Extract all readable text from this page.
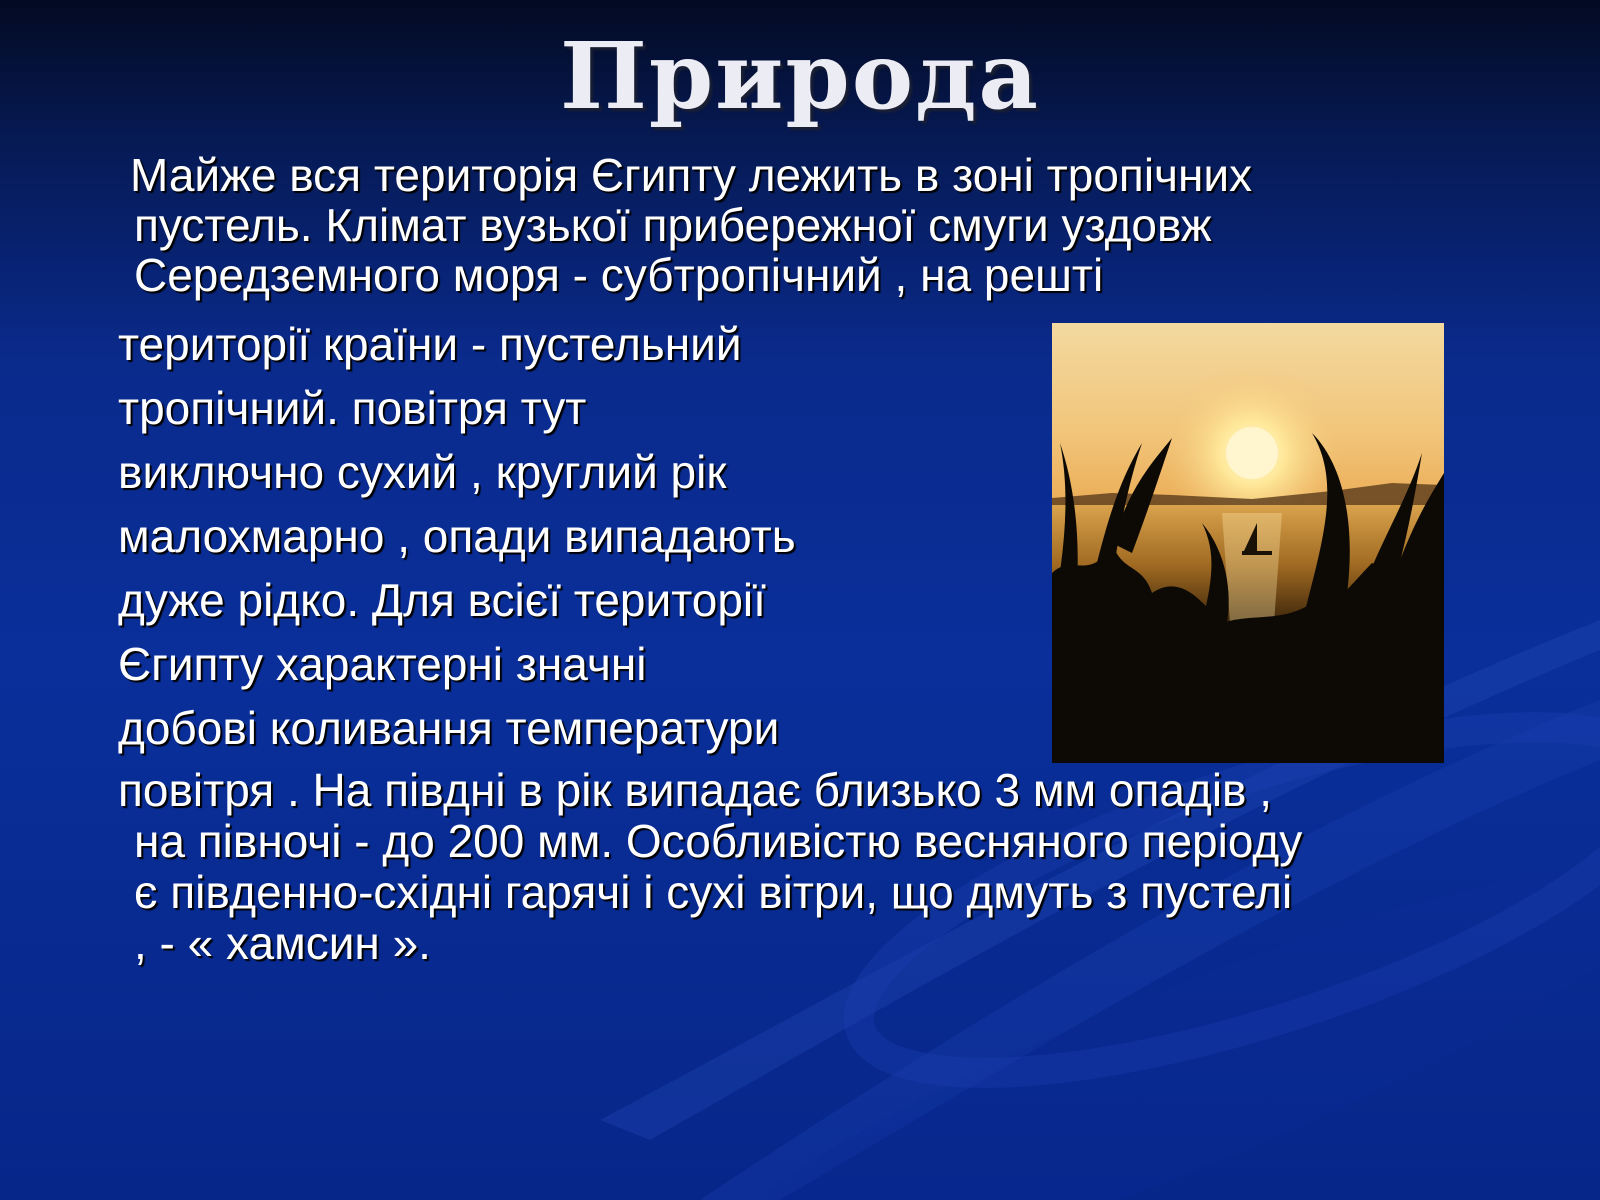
Природа

Майже вся територія Єгипту лежить в зоні тропічних
пустель. Клімат вузької прибережної смуги уздовж
Середземного моря - субтропічний , на решті

території країни - пустельний
тропічний. повітря тут
виключно сухий , круглий рік
малохмарно , опади випадають
дуже рідко. Для всієї території
Єгипту характерні значні
добові коливання температури

повітря . На півдні в рік випадає близько 3 мм опадів ,
на півночі - до 200 мм. Особливістю весняного періоду
є південно-східні гарячі і сухі вітри, що дмуть з пустелі
, - « хамсин ».
